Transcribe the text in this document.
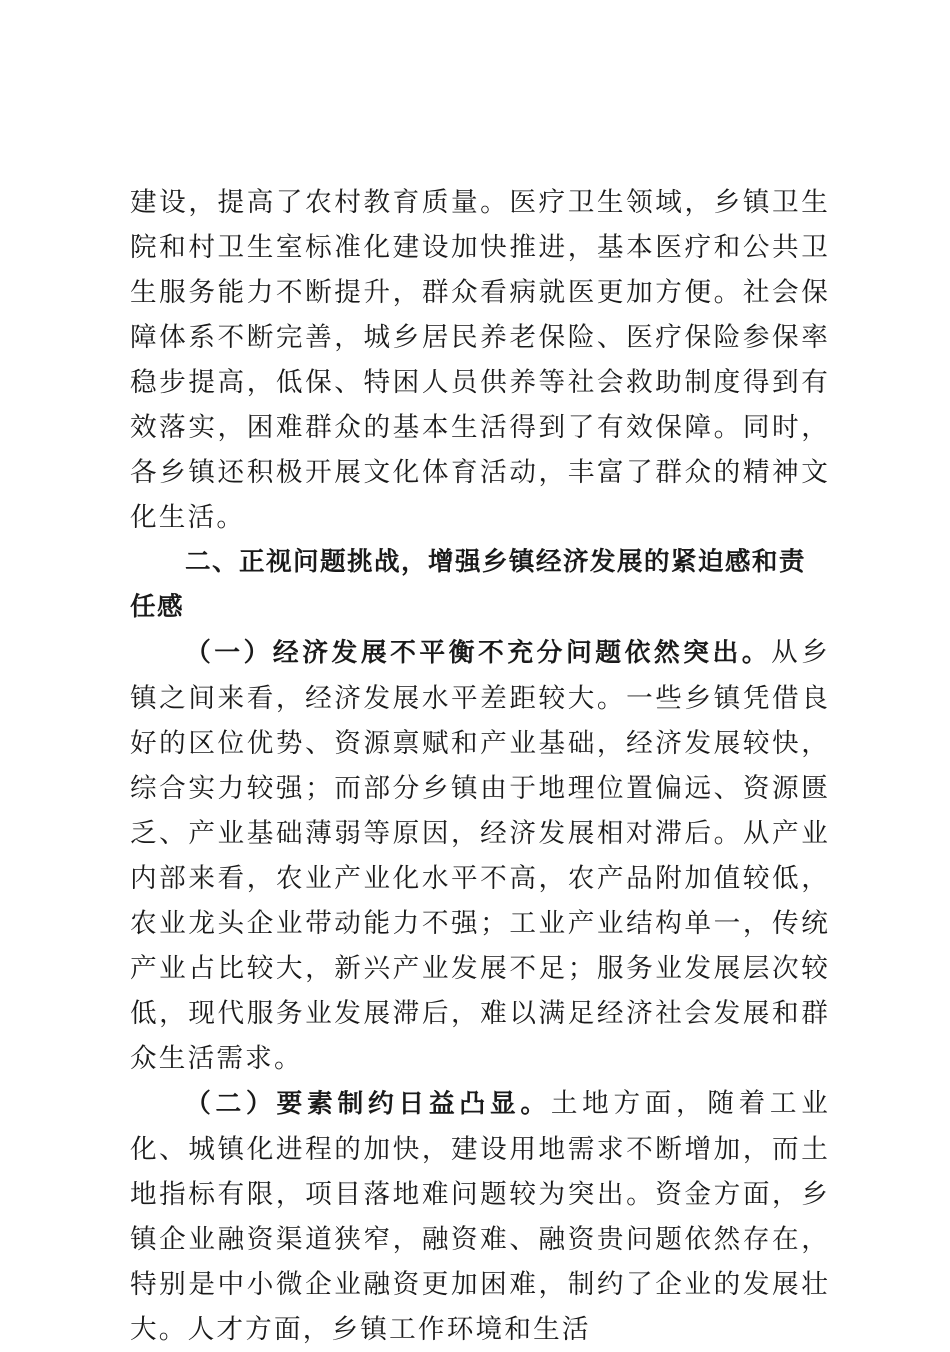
建设，提高了农村教育质量。医疗卫生领域，乡镇卫生院和村卫生室标准化建设加快推进，基本医疗和公共卫生服务能力不断提升，群众看病就医更加方便。社会保障体系不断完善，城乡居民养老保险、医疗保险参保率稳步提高，低保、特困人员供养等社会救助制度得到有效落实，困难群众的基本生活得到了有效保障。同时，各乡镇还积极开展文化体育活动，丰富了群众的精神文化生活。

二、正视问题挑战，增强乡镇经济发展的紧迫感和责任感

（一）经济发展不平衡不充分问题依然突出。从乡镇之间来看，经济发展水平差距较大。一些乡镇凭借良好的区位优势、资源禀赋和产业基础，经济发展较快，综合实力较强；而部分乡镇由于地理位置偏远、资源匮乏、产业基础薄弱等原因，经济发展相对滞后。从产业内部来看，农业产业化水平不高，农产品附加值较低，农业龙头企业带动能力不强；工业产业结构单一，传统产业占比较大，新兴产业发展不足；服务业发展层次较低，现代服务业发展滞后，难以满足经济社会发展和群众生活需求。

（二）要素制约日益凸显。土地方面，随着工业化、城镇化进程的加快，建设用地需求不断增加，而土地指标有限，项目落地难问题较为突出。资金方面，乡镇企业融资渠道狭窄，融资难、融资贵问题依然存在，特别是中小微企业融资更加困难，制约了企业的发展壮大。人才方面，乡镇工作环境和生活
